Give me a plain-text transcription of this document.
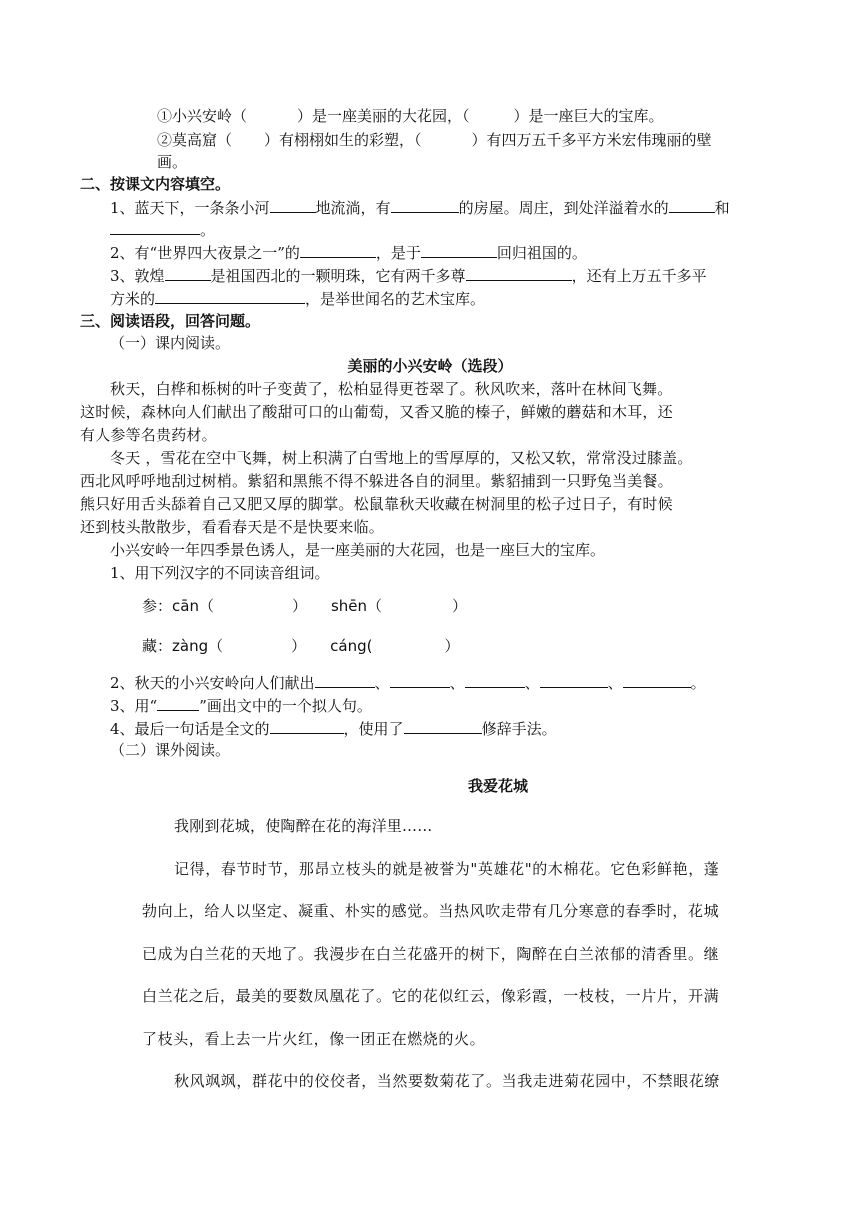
①小兴安岭（	）是一座美丽的大花园，（	）是一座巨大的宝库。
②莫高窟（ ）有栩栩如生的彩塑，（	）有四万五千多平方米宏伟瑰丽的壁
画。
二、按课文内容填空。
1、蓝天下，一条条小河	地流淌，有	的房屋。周庄，到处洋溢着水的	和
。
2、有“世界四大夜景之一”的	，是于	回归祖国的。
3、敦煌	是祖国西北的一颗明珠，它有两千多尊	，还有上万五千多平
方米的	，是举世闻名的艺术宝库。
三、阅读语段，回答问题。
（一）课内阅读。
美丽的小兴安岭（选段）
秋天，白桦和栎树的叶子变黄了，松柏显得更苍翠了。秋风吹来，落叶在林间飞舞。
这时候，森林向人们献出了酸甜可口的山葡萄，又香又脆的榛子，鲜嫩的蘑菇和木耳，还
有人参等名贵药材。
冬天 ，雪花在空中飞舞，树上积满了白雪地上的雪厚厚的，又松又软，常常没过膝盖。
西北风呼呼地刮过树梢。紫貂和黑熊不得不躲进各自的洞里。紫貂捕到一只野兔当美餐。
熊只好用舌头舔着自己又肥又厚的脚掌。松鼠靠秋天收藏在树洞里的松子过日子，有时候
还到枝头散散步，看看春天是不是快要来临。
小兴安岭一年四季景色诱人，是一座美丽的大花园，也是一座巨大的宝库。
1、用下列汉字的不同读音组词。
参：cān（	） shēn（	）
藏：zàng（	） cáng(	）
2、秋天的小兴安岭向人们献出	、	、	、	、	。
3、用“	”画出文中的一个拟人句。
4、最后一句话是全文的	，使用了	修辞手法。
（二）课外阅读。
我爱花城
我刚到花城，使陶醉在花的海洋里……
记得，春节时节，那昂立枝头的就是被誉为"英雄花"的木棉花。它色彩鲜艳，蓬
勃向上，给人以坚定、凝重、朴实的感觉。当热风吹走带有几分寒意的春季时，花城
已成为白兰花的天地了。我漫步在白兰花盛开的树下，陶醉在白兰浓郁的清香里。继
白兰花之后，最美的要数凤凰花了。它的花似红云，像彩霞，一枝枝，一片片，开满
了枝头，看上去一片火红，像一团正在燃烧的火。
秋风飒飒，群花中的佼佼者，当然要数菊花了。当我走进菊花园中，不禁眼花缭
